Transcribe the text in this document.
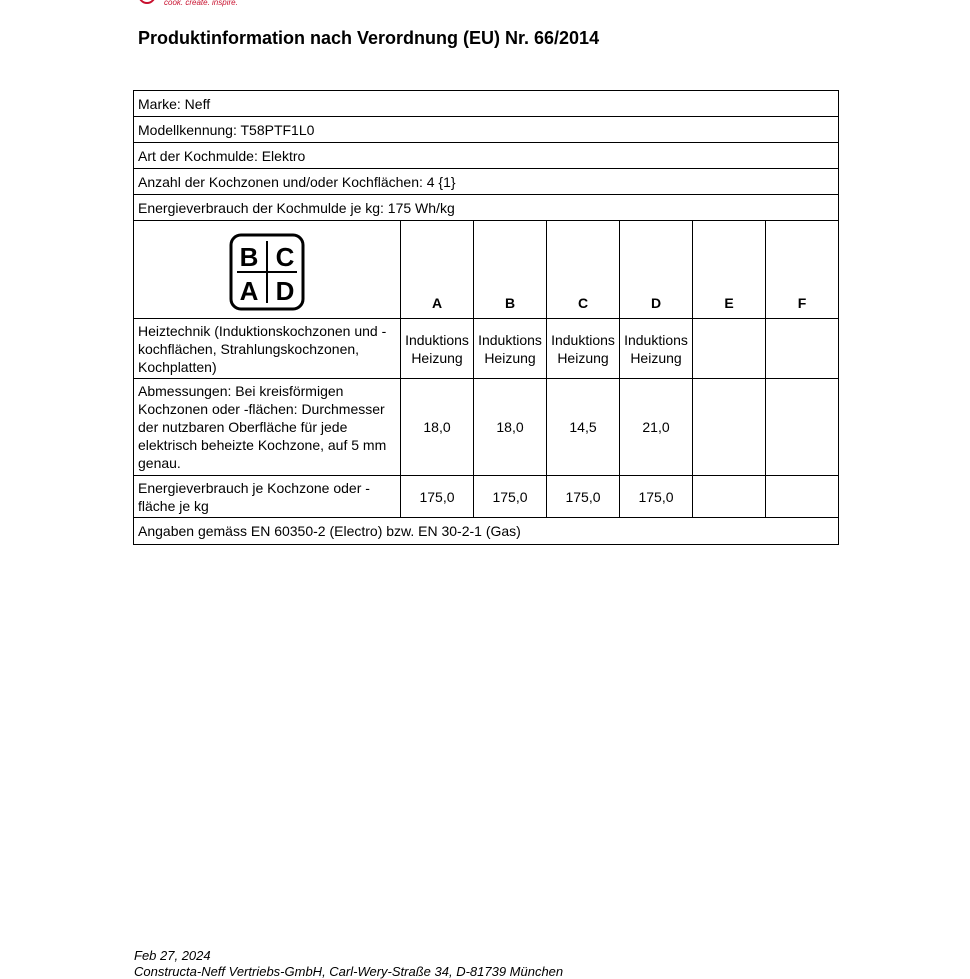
cook. create. inspire.
Produktinformation nach Verordnung (EU) Nr. 66/2014
Marke: Neff						
Modellkennung: T58PTF1L0						
Art der Kochmulde: Elektro						
Anzahl der Kochzonen und/oder Kochflächen: 4 {1}						
Energieverbrauch der Kochmulde je kg: 175 Wh/kg						

B C
A D	A	B	C	D	E	F
Heiztechnik (Induktionskochzonen und -kochflächen, Strahlungskochzonen, Kochplatten)	Induktions Heizung	Induktions Heizung	Induktions Heizung	Induktions Heizung		
Abmessungen: Bei kreisförmigen Kochzonen oder -flächen: Durchmesser der nutzbaren Oberfläche für jede elektrisch beheizte Kochzone, auf 5 mm genau.	18,0	18,0	14,5	21,0		
Energieverbrauch je Kochzone oder -fläche je kg	175,0	175,0	175,0	175,0		
Angaben gemäss EN 60350-2 (Electro) bzw. EN 30-2-1 (Gas)						
Feb 27, 2024
Constructa-Neff Vertriebs-GmbH, Carl-Wery-Straße 34, D-81739 München
